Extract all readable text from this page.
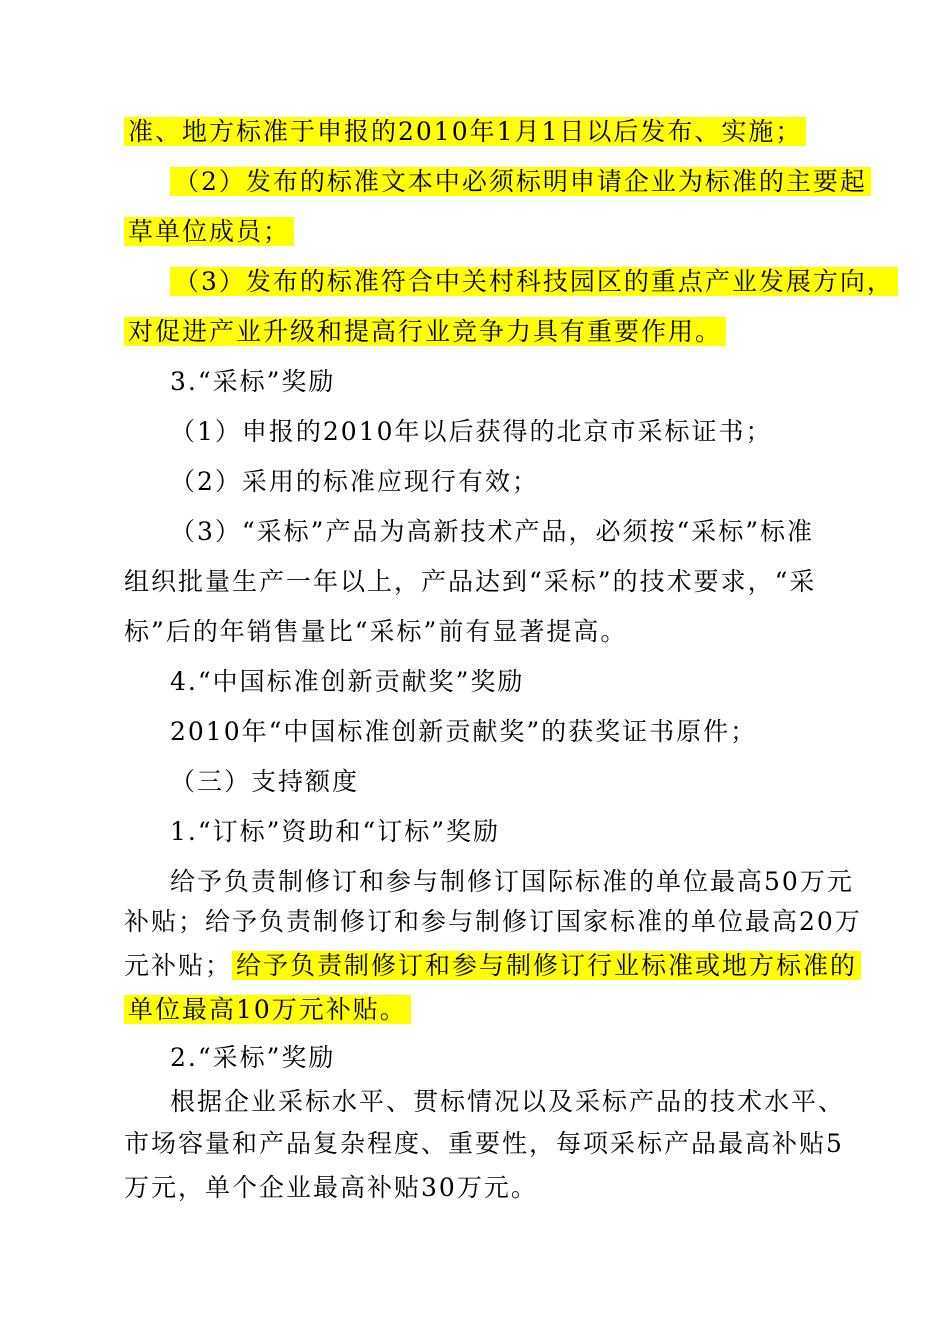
准、地方标准于申报的2010年1月1日以后发布、实施；
（2）发布的标准文本中必须标明申请企业为标准的主要起
草单位成员；
（3）发布的标准符合中关村科技园区的重点产业发展方向，
对促进产业升级和提高行业竞争力具有重要作用。
3.“采标”奖励
（1）申报的2010年以后获得的北京市采标证书；
（2）采用的标准应现行有效；
（3）“采标”产品为高新技术产品，必须按“采标”标准
组织批量生产一年以上，产品达到“采标”的技术要求，“采
标”后的年销售量比“采标”前有显著提高。
4.“中国标准创新贡献奖”奖励
2010年“中国标准创新贡献奖”的获奖证书原件；
（三）支持额度
1.“订标”资助和“订标”奖励
给予负责制修订和参与制修订国际标准的单位最高50万元
补贴；给予负责制修订和参与制修订国家标准的单位最高20万
元补贴； 给予负责制修订和参与制修订行业标准或地方标准的
单位最高10万元补贴。
2.“采标”奖励
根据企业采标水平、贯标情况以及采标产品的技术水平、
市场容量和产品复杂程度、重要性，每项采标产品最高补贴5
万元，单个企业最高补贴30万元。
